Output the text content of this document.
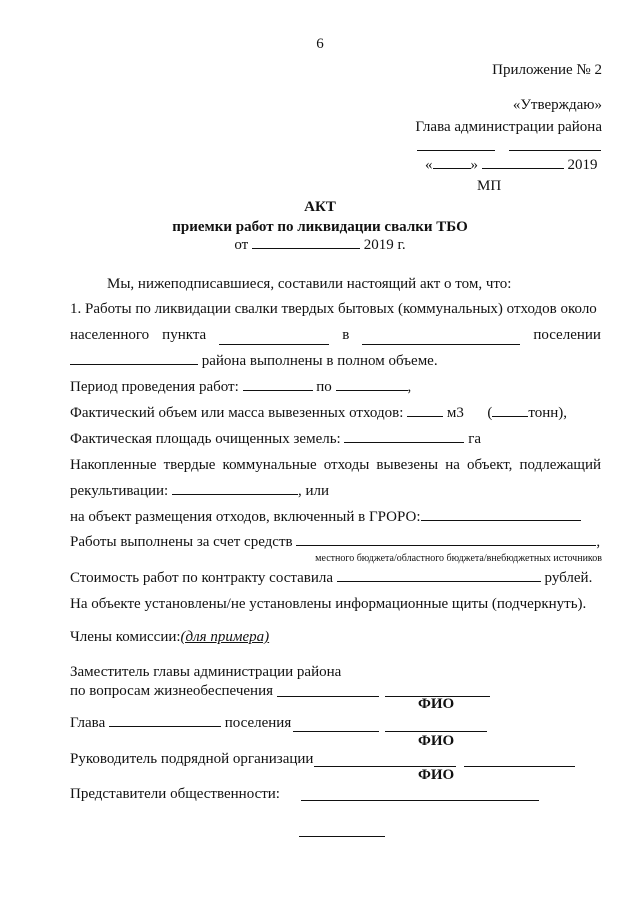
6
Приложение № 2
«Утверждаю»
Глава администрации района
«	»	2019
МП
АКТ
приемки работ по ликвидации свалки ТБО
от	2019 г.
Мы, нижеподписавшиеся, составили настоящий акт о том, что:
1. Работы по ликвидации свалки твердых бытовых (коммунальных) отходов около
населенного пункта	в	поселении
района выполнены в полном объеме.
Период проведения работ:	по	,
Фактический объем или масса вывезенных отходов:	м3 ( тонн),
Фактическая площадь очищенных земель:	га
Накопленные твердые коммунальные отходы вывезены на объект, подлежащий
рекультивации:	, или
на объект размещения отходов, включенный в ГРОРО:
Работы выполнены за счет средств	,
местного бюджета/областного бюджета/внебюджетных источников
Стоимость работ по контракту составила	рублей.
На объекте установлены/не установлены информационные щиты (подчеркнуть).
Члены комиссии:(для примера)
Заместитель главы администрации района
по вопросам жизнеобеспечения
ФИО
Глава	поселения
ФИО
Руководитель подрядной организации
ФИО
Представители общественности:
